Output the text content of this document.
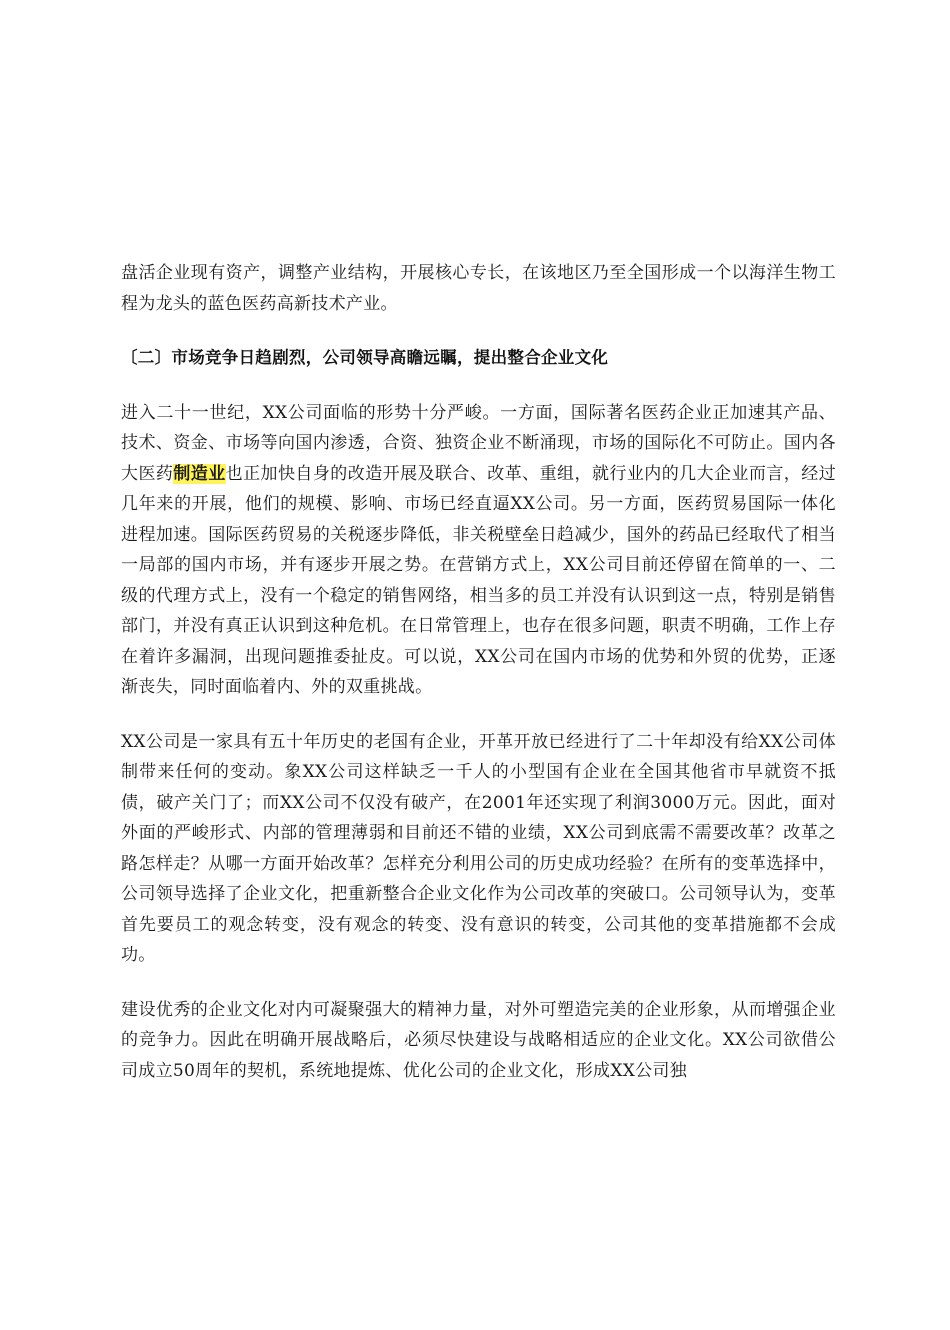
盘活企业现有资产，调整产业结构，开展核心专长，在该地区乃至全国形成一个以海洋生物工程为龙头的蓝色医药高新技术产业。

〔二〕市场竞争日趋剧烈，公司领导高瞻远瞩，提出整合企业文化

进入二十一世纪，XX公司面临的形势十分严峻。一方面，国际著名医药企业正加速其产品、技术、资金、市场等向国内渗透，合资、独资企业不断涌现，市场的国际化不可防止。国内各大医药制造业也正加快自身的改造开展及联合、改革、重组，就行业内的几大企业而言，经过几年来的开展，他们的规模、影响、市场已经直逼XX公司。另一方面，医药贸易国际一体化进程加速。国际医药贸易的关税逐步降低，非关税壁垒日趋减少，国外的药品已经取代了相当一局部的国内市场，并有逐步开展之势。在营销方式上，XX公司目前还停留在简单的一、二级的代理方式上，没有一个稳定的销售网络，相当多的员工并没有认识到这一点，特别是销售部门，并没有真正认识到这种危机。在日常管理上，也存在很多问题，职责不明确，工作上存在着许多漏洞，出现问题推委扯皮。可以说，XX公司在国内市场的优势和外贸的优势，正逐渐丧失，同时面临着内、外的双重挑战。

XX公司是一家具有五十年历史的老国有企业，开革开放已经进行了二十年却没有给XX公司体制带来任何的变动。象XX公司这样缺乏一千人的小型国有企业在全国其他省市早就资不抵债，破产关门了；而XX公司不仅没有破产，在2001年还实现了利润3000万元。因此，面对外面的严峻形式、内部的管理薄弱和目前还不错的业绩，XX公司到底需不需要改革？改革之路怎样走？从哪一方面开始改革？怎样充分利用公司的历史成功经验？在所有的变革选择中，公司领导选择了企业文化，把重新整合企业文化作为公司改革的突破口。公司领导认为，变革首先要员工的观念转变，没有观念的转变、没有意识的转变，公司其他的变革措施都不会成功。

建设优秀的企业文化对内可凝聚强大的精神力量，对外可塑造完美的企业形象，从而增强企业的竞争力。因此在明确开展战略后，必须尽快建设与战略相适应的企业文化。XX公司欲借公司成立50周年的契机，系统地提炼、优化公司的企业文化，形成XX公司独
